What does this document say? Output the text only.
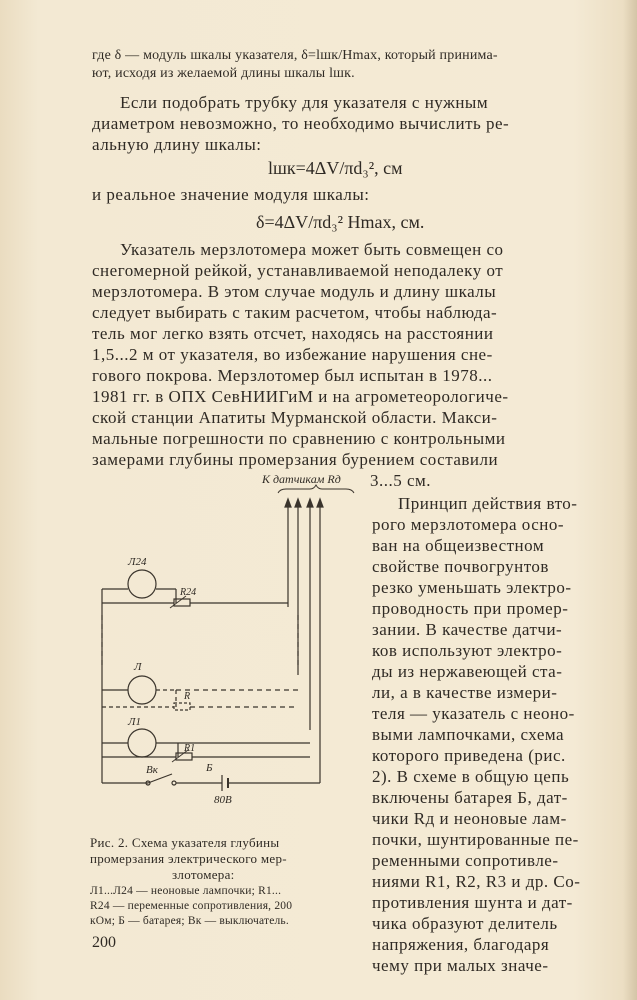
где δ — модуль шкалы указателя, δ=lшк/Hmax, который принима-

ют, исходя из желаемой длины шкалы lшк.

Если подобрать трубку для указателя с нужным

диаметром невозможно, то необходимо вычислить ре-

альную длину шкалы:

lшк=4ΔV/πd₃², см

и реальное значение модуля шкалы:

δ=4ΔV/πd₃² Hmax, см.

Указатель мерзлотомера может быть совмещен со

снегомерной рейкой, устанавливаемой неподалеку от

мерзлотомера. В этом случае модуль и длину шкалы

следует выбирать с таким расчетом, чтобы наблюда-

тель мог легко взять отсчет, находясь на расстоянии

1,5...2 м от указателя, во избежание нарушения сне-

гового покрова. Мерзлотомер был испытан в 1978...

1981 гг. в ОПХ СевНИИГиМ и на агрометеорологиче-

ской станции Апатиты Мурманской области. Макси-

мальные погрешности по сравнению с контрольными

замерами глубины промерзания бурением составили

3...5 см.

Принцип действия вто-

рого мерзлотомера осно-

ван на общеизвестном

свойстве почвогрунтов

резко уменьшать электро-

проводность при промер-

зании. В качестве датчи-

ков используют электро-

ды из нержавеющей ста-

ли, а в качестве измери-

теля — указатель с неоно-

выми лампочками, схема

которого приведена (рис.

2). В схеме в общую цепь

включены батарея Б, дат-

чики Rд и неоновые лам-

почки, шунтированные пе-

ременными сопротивле-

ниями R1, R2, R3 и др. Со-

противления шунта и дат-

чика образуют делитель

напряжения, благодаря

чему при малых значе-

К датчикам Rд
Л24
R24
Л
R
Л1
R1
Вк	Б
80В

Рис. 2. Схема указателя глубины

промерзания электрического мер-

злотомера:

Л1...Л24 — неоновые лампочки; R1...

R24 — переменные сопротивления, 200

кОм; Б — батарея; Вк — выключатель.

200
